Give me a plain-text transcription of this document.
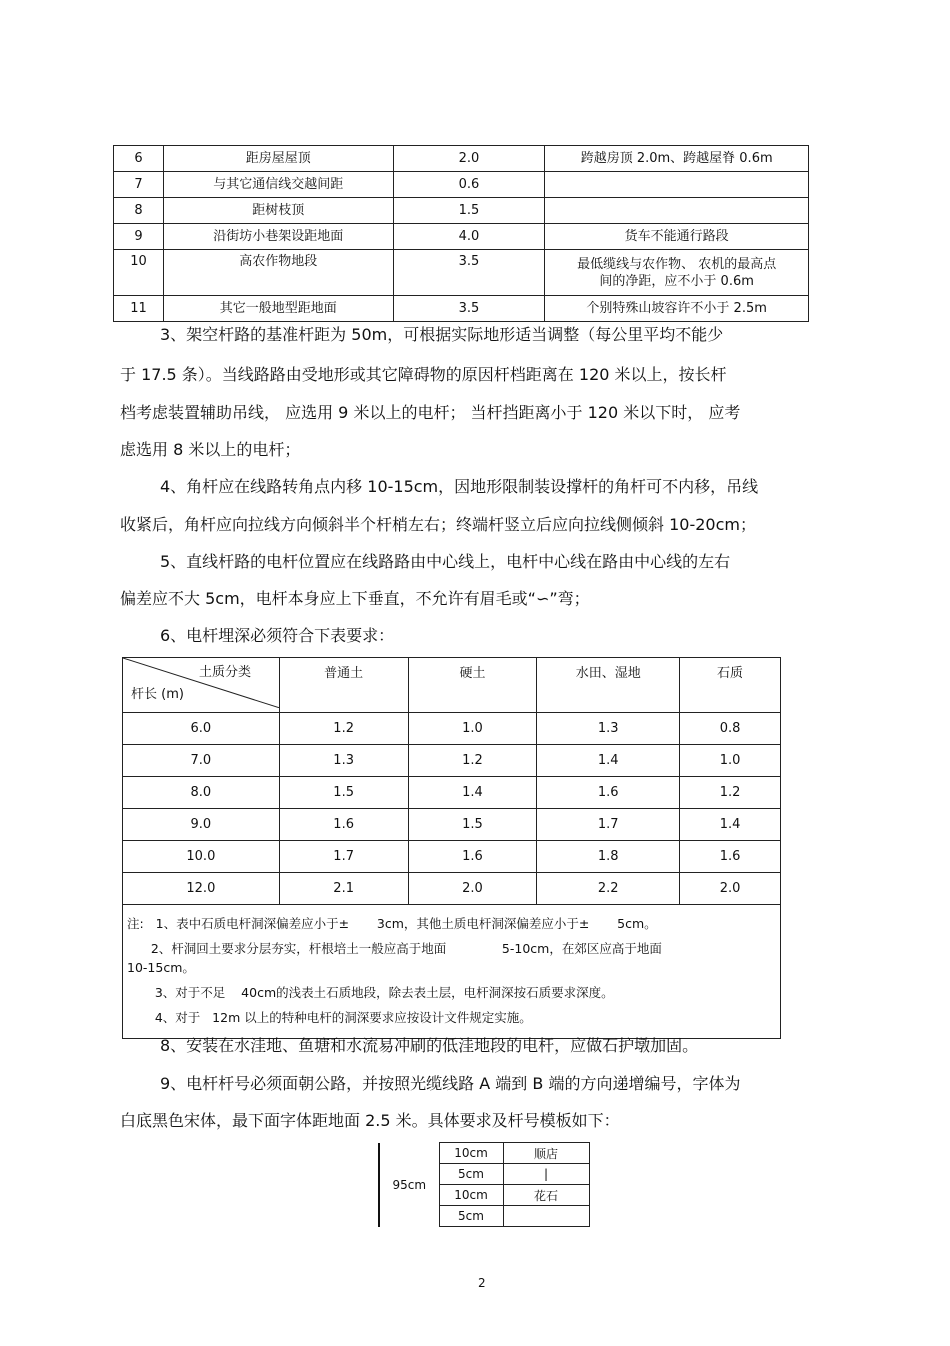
6	距房屋屋顶	2.0	跨越房顶 2.0m、跨越屋脊 0.6m
7	与其它通信线交越间距	0.6	
8	距树枝顶	1.5	
9	沿街坊小巷架设距地面	4.0	货车不能通行路段
10	高农作物地段	3.5	最低缆线与农作物、 农机的最高点
间的净距，应不小于 0.6m

11	其它一般地型距地面	3.5	个别特殊山坡容许不小于 2.5m
3、架空杆路的基准杆距为 50m，可根据实际地形适当调整（每公里平均不能少
于 17.5 条）。当线路路由受地形或其它障碍物的原因杆档距离在 120 米以上，按长杆
档考虑装置辅助吊线， 应选用 9 米以上的电杆； 当杆挡距离小于 120 米以下时， 应考
虑选用 8 米以上的电杆；
4、角杆应在线路转角点内移 10-15cm，因地形限制装设撑杆的角杆可不内移，吊线
收紧后，角杆应向拉线方向倾斜半个杆梢左右；终端杆竖立后应向拉线侧倾斜 10-20cm；
5、直线杆路的电杆位置应在线路路由中心线上，电杆中心线在路由中心线的左右
偏差应不大 5cm，电杆本身应上下垂直，不允许有眉毛或“∽”弯；
6、电杆埋深必须符合下表要求：
土质分类
杆长 (m)	普通土	硬土	水田、湿地	石质
6.0	1.2	1.0	1.3	0.8
7.0	1.3	1.2	1.4	1.0
8.0	1.5	1.4	1.6	1.2
9.0	1.6	1.5	1.7	1.4
10.0	1.7	1.6	1.8	1.6
12.0	2.1	2.0	2.2	2.0

注:   1、表中石质电杆洞深偏差应小于±       3cm，其他土质电杆洞深偏差应小于±       5cm。
2、杆洞回土要求分层夯实，杆根培土一般应高于地面              5-10cm，在郊区应高于地面
10-15cm。
3、对于不足    40cm的浅表土石质地段，除去表土层，电杆洞深按石质要求深度。
4、对于   12m 以上的特种电杆的洞深要求应按设计文件规定实施。				
8、安装在水洼地、鱼塘和水流易冲刷的低洼地段的电杆，应做石护墩加固。
9、电杆杆号必须面朝公路，并按照光缆线路 A 端到 B 端的方向递增编号，字体为
白底黑色宋体，最下面字体距地面 2.5 米。具体要求及杆号模板如下：
95cm	10cm	顺店
	5cm	|
	10cm	花石
	5cm	
2
